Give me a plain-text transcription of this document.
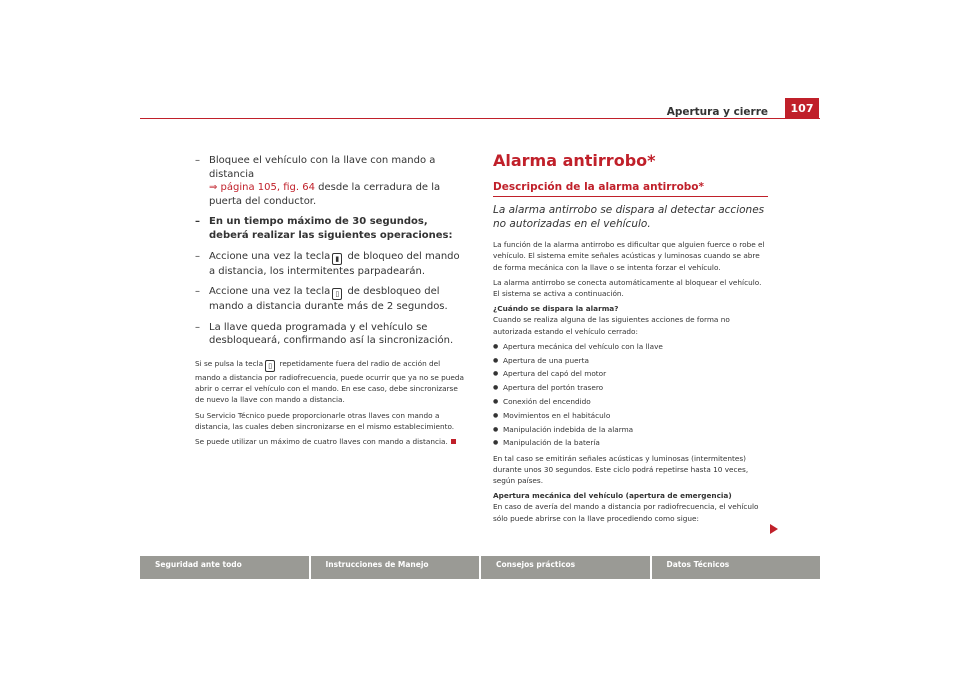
Apertura y cierre	107
– Bloquee el vehículo con la llave con mando a distancia
⇒ página 105, fig. 64 desde la cerradura de la puerta del conductor.
– En un tiempo máximo de 30 segundos, deberá realizar las siguientes operaciones:
– Accione una vez la tecla ▮ de bloqueo del mando a distancia, los intermitentes parpadearán.
– Accione una vez la tecla ▯ de desbloqueo del mando a distancia durante más de 2 segundos.
– La llave queda programada y el vehículo se desbloqueará, confirmando así la sincronización.

Si se pulsa la tecla ▯ repetidamente fuera del radio de acción del mando a distancia por radiofrecuencia, puede ocurrir que ya no se pueda abrir o cerrar el vehículo con el mando. En ese caso, debe sincronizarse de nuevo la llave con mando a distancia.

Su Servicio Técnico puede proporcionarle otras llaves con mando a distancia, las cuales deben sincronizarse en el mismo establecimiento.

Se puede utilizar un máximo de cuatro llaves con mando a distancia.

Alarma antirrobo*
Descripción de la alarma antirrobo*
La alarma antirrobo se dispara al detectar acciones no autorizadas en el vehículo.

La función de la alarma antirrobo es dificultar que alguien fuerce o robe el vehículo. El sistema emite señales acústicas y luminosas cuando se abre de forma mecánica con la llave o se intenta forzar el vehículo.

La alarma antirrobo se conecta automáticamente al bloquear el vehículo. El sistema se activa a continuación.

¿Cuándo se dispara la alarma?

Cuando se realiza alguna de las siguientes acciones de forma no autorizada estando el vehículo cerrado:

● Apertura mecánica del vehículo con la llave
● Apertura de una puerta
● Apertura del capó del motor
● Apertura del portón trasero
● Conexión del encendido
● Movimientos en el habitáculo
● Manipulación indebida de la alarma
● Manipulación de la batería

En tal caso se emitirán señales acústicas y luminosas (intermitentes) durante unos 30 segundos. Este ciclo podrá repetirse hasta 10 veces, según países.

Apertura mecánica del vehículo (apertura de emergencia)

En caso de avería del mando a distancia por radiofrecuencia, el vehículo sólo puede abrirse con la llave procediendo como sigue:

Seguridad ante todo	Instrucciones de Manejo	Consejos prácticos	Datos Técnicos
